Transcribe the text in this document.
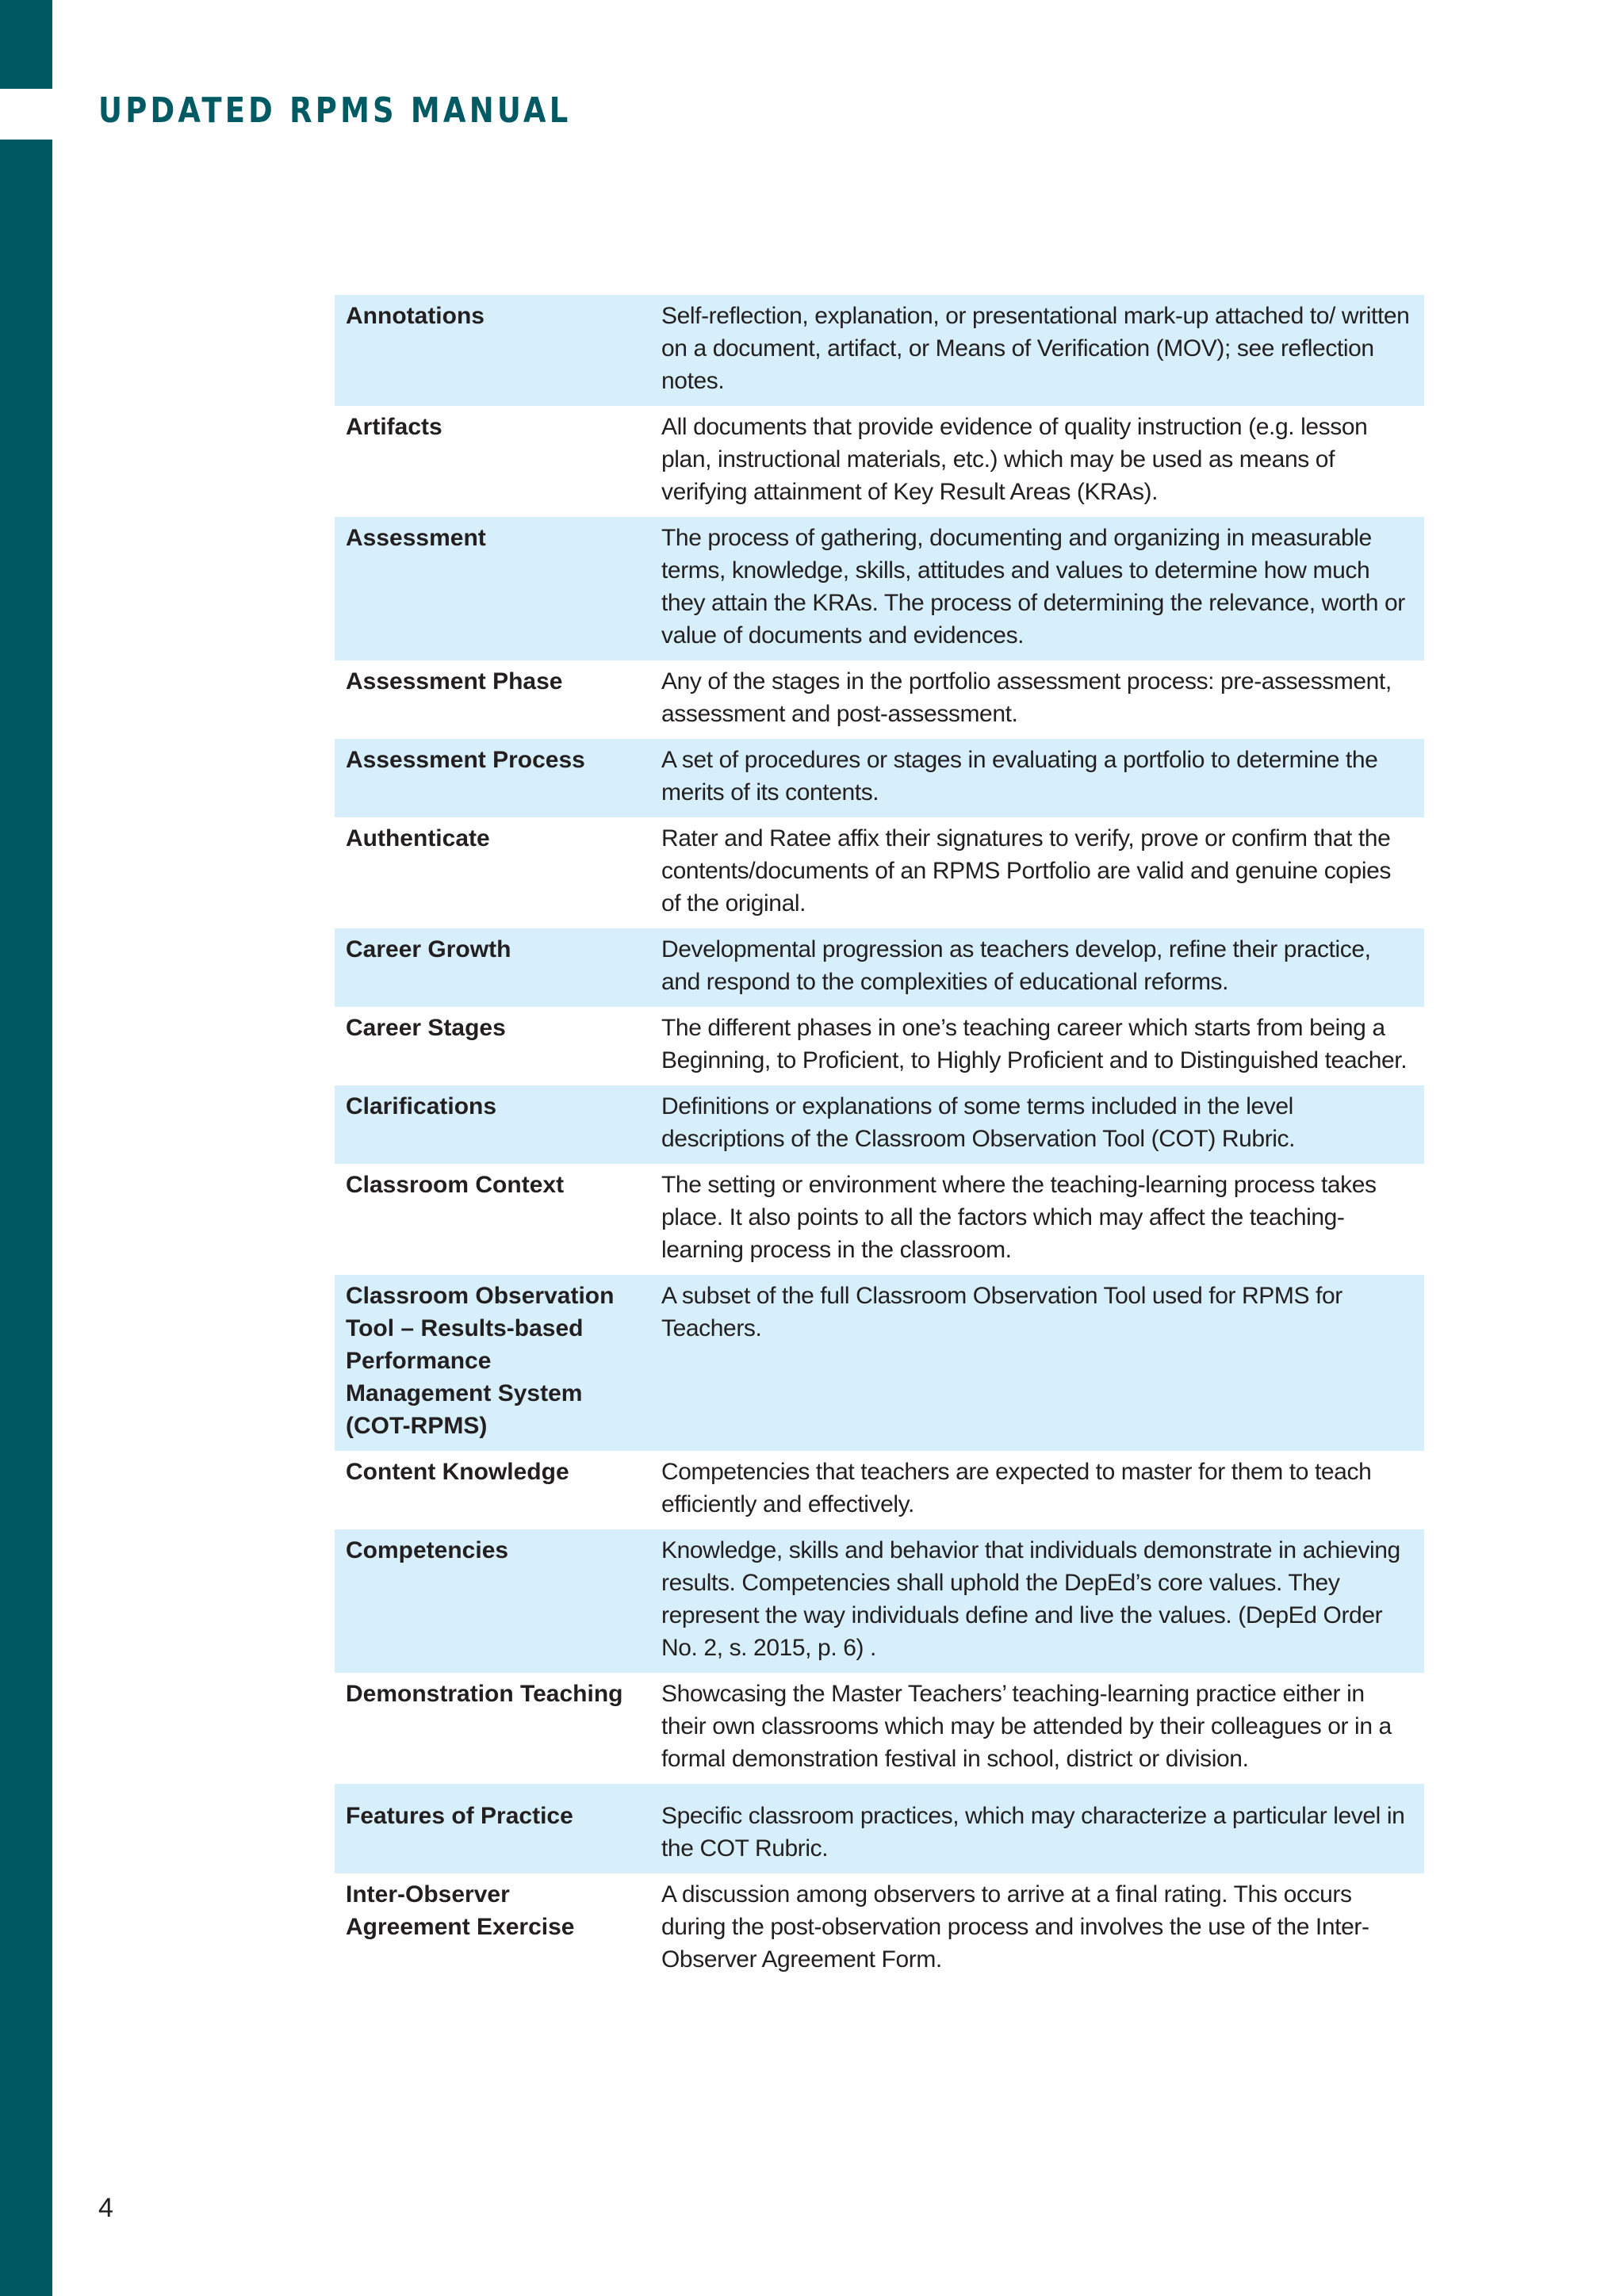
UPDATED RPMS MANUAL
Annotations	Self-reflection, explanation, or presentational mark-up attached to/ written on a document, artifact, or Means of Verification (MOV); see reflection notes.
Artifacts	All documents that provide evidence of quality instruction (e.g. lesson plan, instructional materials, etc.) which may be used as means of verifying attainment of Key Result Areas (KRAs).
Assessment	The process of gathering, documenting and organizing in measurable terms, knowledge, skills, attitudes and values to determine how much they attain the KRAs. The process of determining the relevance, worth or value of documents and evidences.
Assessment Phase	Any of the stages in the portfolio assessment process: pre-assessment, assessment and post-assessment.
Assessment Process	A set of procedures or stages in evaluating a portfolio to determine the merits of its contents.
Authenticate	Rater and Ratee affix their signatures to verify, prove or confirm that the contents/documents of an RPMS Portfolio are valid and genuine copies of the original.
Career Growth	Developmental progression as teachers develop, refine their practice, and respond to the complexities of educational reforms.
Career Stages	The different phases in one’s teaching career which starts from being a Beginning, to Proficient, to Highly Proficient and to Distinguished teacher.
Clarifications	Definitions or explanations of some terms included in the level descriptions of the Classroom Observation Tool (COT) Rubric.
Classroom Context	The setting or environment where the teaching-learning process takes place. It also points to all the factors which may affect the teaching-learning process in the classroom.
Classroom Observation Tool – Results-based Performance Management System (COT-RPMS)	A subset of the full Classroom Observation Tool used for RPMS for Teachers.
Content Knowledge	Competencies that teachers are expected to master for them to teach efficiently and effectively.
Competencies	Knowledge, skills and behavior that individuals demonstrate in achieving results. Competencies shall uphold the DepEd’s core values. They represent the way individuals define and live the values. (DepEd Order No. 2, s. 2015, p. 6) .
Demonstration Teaching	Showcasing the Master Teachers’ teaching-learning practice either in their own classrooms which may be attended by their colleagues or in a formal demonstration festival in school, district or division.
Features of Practice	Specific classroom practices, which may characterize a particular level in the COT Rubric.
Inter-Observer Agreement Exercise	A discussion among observers to arrive at a final rating. This occurs during the post-observation process and involves the use of the Inter-Observer Agreement Form.
4
